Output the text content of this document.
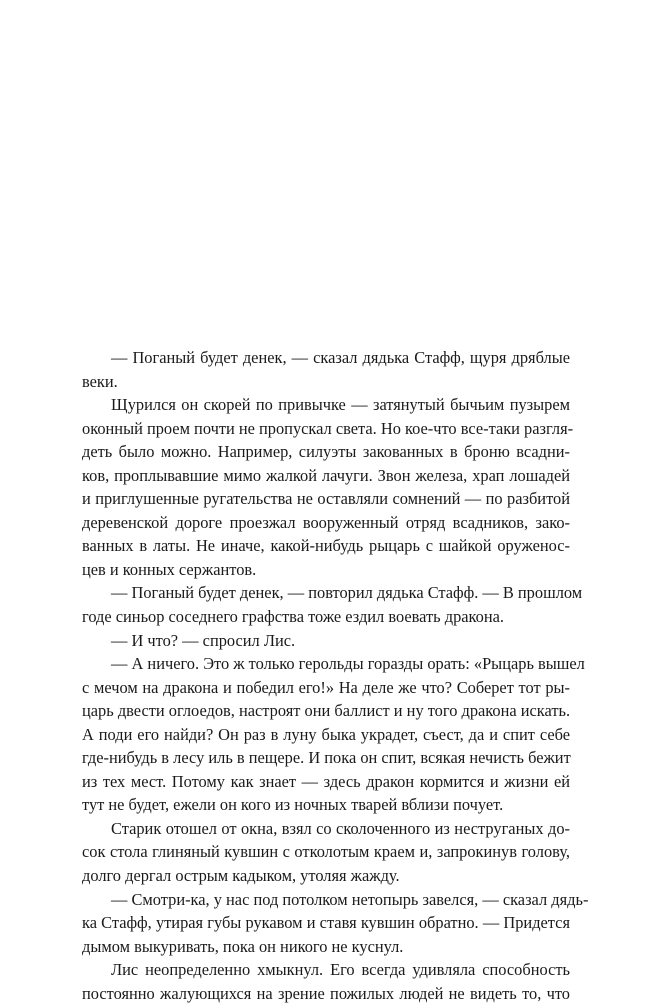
— Поганый будет денек, — сказал дядька Стафф, щуря дряблые
веки.
Щурился он скорей по привычке — затянутый бычьим пузырем
оконный проем почти не пропускал света. Но кое-что все-таки разгля-
деть было можно. Например, силуэты закованных в броню всадни-
ков, проплывавшие мимо жалкой лачуги. Звон железа, храп лошадей
и приглушенные ругательства не оставляли сомнений — по разбитой
деревенской дороге проезжал вооруженный отряд всадников, зако-
ванных в латы. Не иначе, какой-нибудь рыцарь с шайкой оруженос-
цев и конных сержантов.
— Поганый будет денек, — повторил дядька Стафф. — В прошлом
годе синьор соседнего графства тоже ездил воевать дракона.
— И что? — спросил Лис.
— А ничего. Это ж только герольды горазды орать: «Рыцарь вышел
с мечом на дракона и победил его!» На деле же что? Соберет тот ры-
царь двести оглоедов, настроят они баллист и ну того дракона искать.
А поди его найди? Он раз в луну быка украдет, съест, да и спит себе
где-нибудь в лесу иль в пещере. И пока он спит, всякая нечисть бежит
из тех мест. Потому как знает — здесь дракон кормится и жизни ей
тут не будет, ежели он кого из ночных тварей вблизи почует.
Старик отошел от окна, взял со сколоченного из неструганых до-
сок стола глиняный кувшин с отколотым краем и, запрокинув голову,
долго дергал острым кадыком, утоляя жажду.
— Смотри-ка, у нас под потолком нетопырь завелся, — сказал дядь-
ка Стафф, утирая губы рукавом и ставя кувшин обратно. — Придется
дымом выкуривать, пока он никого не куснул.
Лис неопределенно хмыкнул. Его всегда удивляла способность
постоянно жалующихся на зрение пожилых людей не видеть то, что
